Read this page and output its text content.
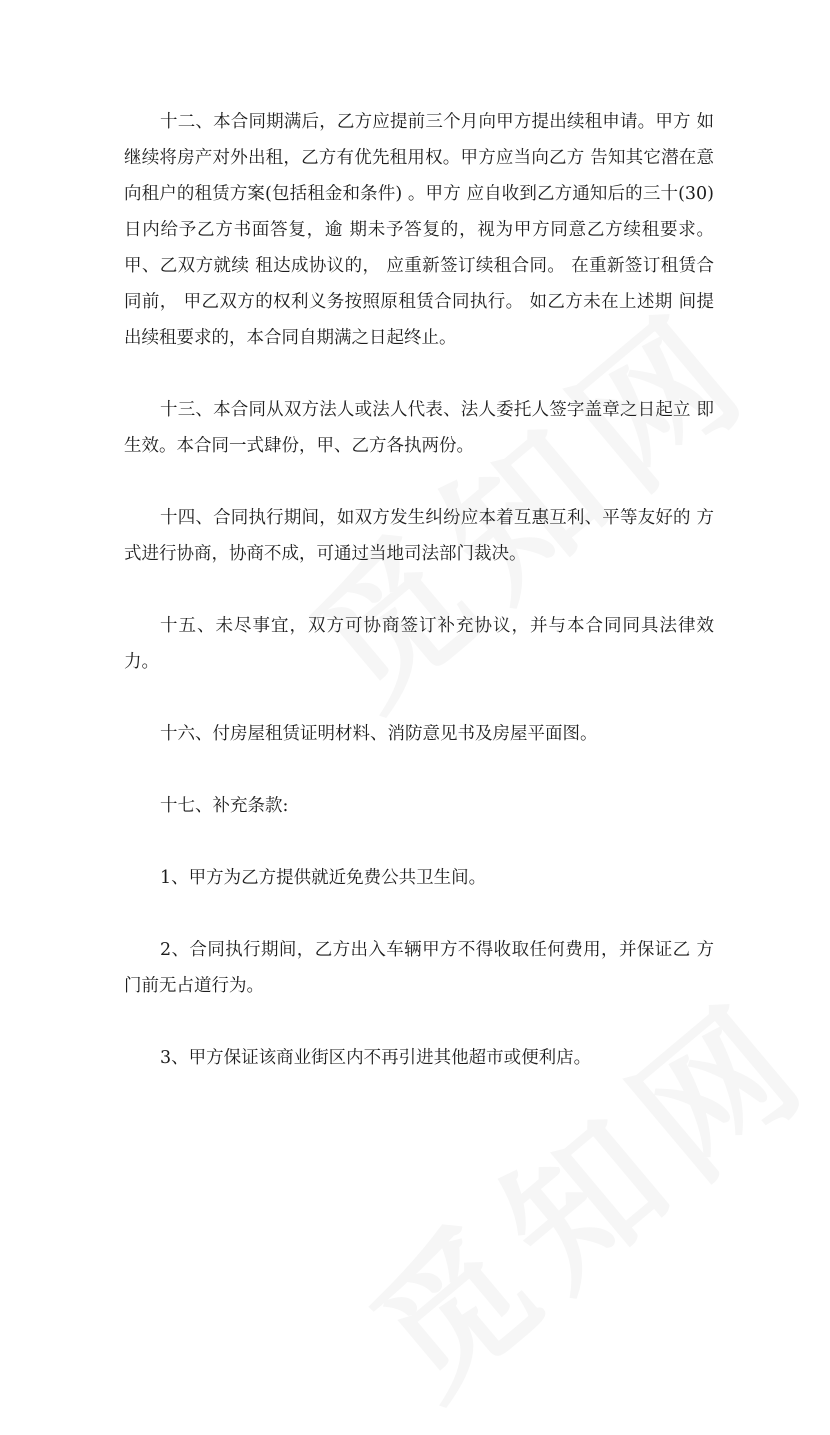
十二、本合同期满后，乙方应提前三个月向甲方提出续租申请。甲方 如继续将房产对外出租，乙方有优先租用权。甲方应当向乙方 告知其它潜在意向租户的租赁方案(包括租金和条件) 。甲方 应自收到乙方通知后的三十(30)日内给予乙方书面答复，逾 期未予答复的，视为甲方同意乙方续租要求。甲、乙双方就续 租达成协议的， 应重新签订续租合同。 在重新签订租赁合同前， 甲乙双方的权利义务按照原租赁合同执行。 如乙方未在上述期 间提出续租要求的，本合同自期满之日起终止。

十三、本合同从双方法人或法人代表、法人委托人签字盖章之日起立 即生效。本合同一式肆份，甲、乙方各执两份。

十四、合同执行期间，如双方发生纠纷应本着互惠互利、平等友好的 方式进行协商，协商不成，可通过当地司法部门裁决。

十五、未尽事宜，双方可协商签订补充协议，并与本合同同具法律效 力。

十六、付房屋租赁证明材料、消防意见书及房屋平面图。

十七、补充条款:

1、甲方为乙方提供就近免费公共卫生间。

2、合同执行期间，乙方出入车辆甲方不得收取任何费用，并保证乙 方门前无占道行为。

3、甲方保证该商业街区内不再引进其他超市或便利店。
